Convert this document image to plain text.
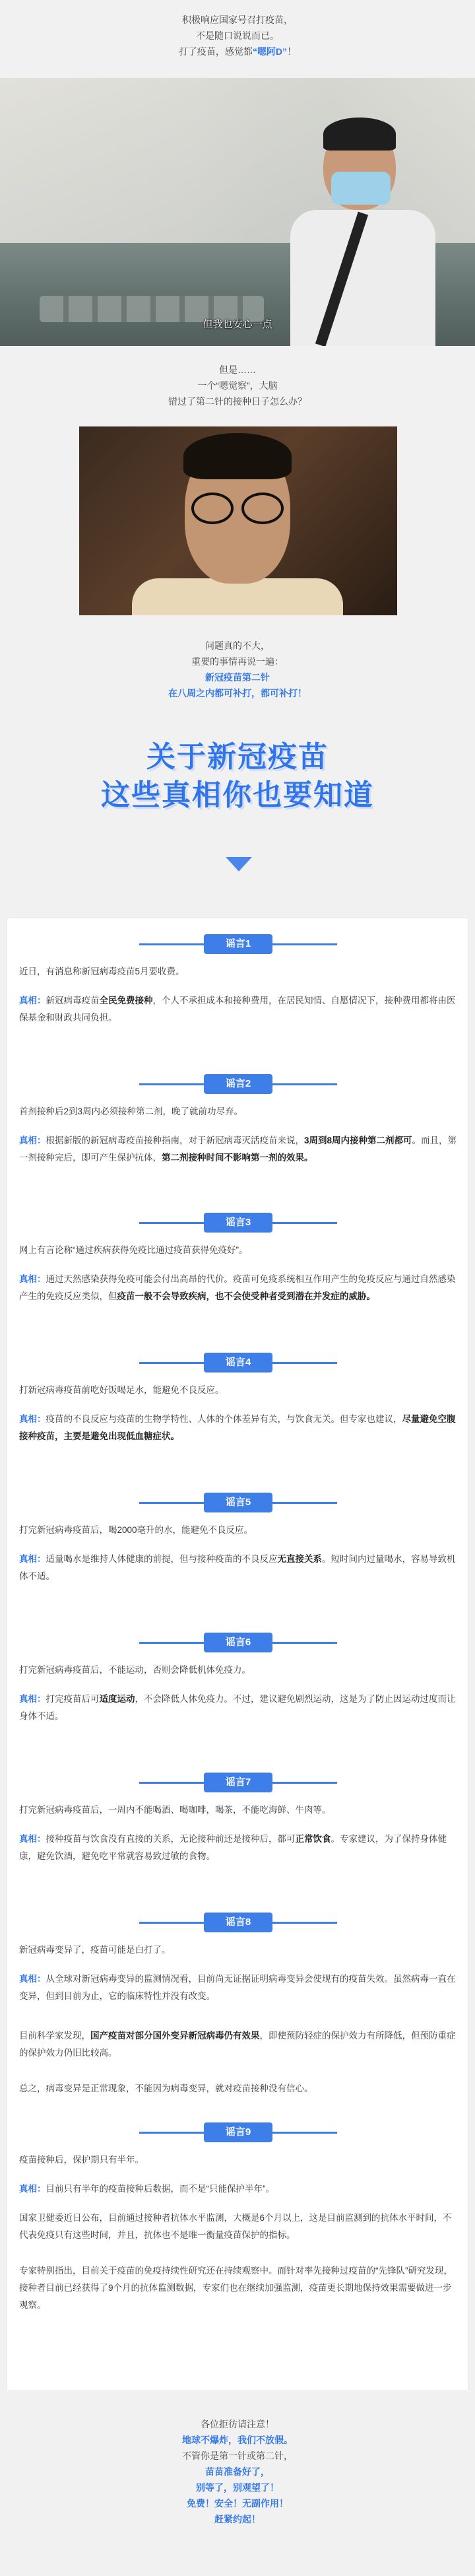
积极响应国家号召打疫苗，
不是随口说说而已。
打了疫苗，感觉都“嗯阿D”！
但我也安心一点
但是……
一个“嗯觉察”，大脑
错过了第二针的接种日子怎么办？
问题真的不大，
重要的事情再说一遍：
新冠疫苗第二针
在八周之内都可补打，都可补打！
关于新冠疫苗
这些真相你也要知道
谣言1
近日，有消息称新冠病毒疫苗5月要收费。
真相：新冠病毒疫苗全民免费接种，个人不承担成本和接种费用，在居民知情、自愿情况下，接种费用都将由医保基金和财政共同负担。
谣言2
首剂接种后2到3周内必须接种第二剂，晚了就前功尽弃。
真相：根据新版的新冠病毒疫苗接种指南，对于新冠病毒灭活疫苗来说，3周到8周内接种第二剂都可。而且，第一剂接种完后，即可产生保护抗体，第二剂接种时间不影响第一剂的效果。
谣言3
网上有言论称“通过疾病获得免疫比通过疫苗获得免疫好”。
真相：通过天然感染获得免疫可能会付出高昂的代价。疫苗可免疫系统相互作用产生的免疫反应与通过自然感染产生的免疫反应类似，但疫苗一般不会导致疾病，也不会使受种者受到潜在并发症的威胁。
谣言4
打新冠病毒疫苗前吃好饭喝足水，能避免不良反应。
真相：疫苗的不良反应与疫苗的生物学特性、人体的个体差异有关，与饮食无关。但专家也建议，尽量避免空腹接种疫苗，主要是避免出现低血糖症状。
谣言5
打完新冠病毒疫苗后，喝2000毫升的水，能避免不良反应。
真相：适量喝水是维持人体健康的前提，但与接种疫苗的不良反应无直接关系。短时间内过量喝水，容易导致机体不适。
谣言6
打完新冠病毒疫苗后，不能运动，否则会降低机体免疫力。
真相：打完疫苗后可适度运动，不会降低人体免疫力。不过，建议避免剧烈运动，这是为了防止因运动过度而让身体不适。
谣言7
打完新冠病毒疫苗后，一周内不能喝酒、喝咖啡，喝茶，不能吃海鲜、牛肉等。
真相：接种疫苗与饮食没有直接的关系，无论接种前还是接种后，都可正常饮食。专家建议，为了保持身体健康，避免饮酒，避免吃平常就容易致过敏的食物。
谣言8
新冠病毒变异了，疫苗可能是白打了。
真相：从全球对新冠病毒变异的监测情况看，目前尚无证据证明病毒变异会使现有的疫苗失效。虽然病毒一直在变异，但到目前为止，它的临床特性并没有改变。
目前科学家发现，国产疫苗对部分国外变异新冠病毒仍有效果，即使预防轻症的保护效力有所降低，但预防重症的保护效力仍旧比较高。
总之，病毒变异是正常现象，不能因为病毒变异，就对疫苗接种没有信心。
谣言9
疫苗接种后，保护期只有半年。
真相：目前只有半年的疫苗接种后数据，而不是“只能保护半年”。
国家卫健委近日公布，目前通过接种者抗体水平监测，大概是6个月以上，这是目前监测到的抗体水平时间，不代表免疫只有这些时间，并且，抗体也不是唯一衡量疫苗保护的指标。
专家特别指出，目前关于疫苗的免疫持续性研究还在持续观察中。而针对率先接种过疫苗的“先锋队”研究发现，接种者目前已经获得了9个月的抗体监测数据，专家们也在继续加强监测，疫苗更长期地保持效果需要做进一步观察。
各位拒彷请注意！
地球不爆炸，我们不放假。
不管你是第一针或第二针，
苗苗准备好了，
别等了，别观望了！
免费！安全！无副作用！
赶紧约起！
